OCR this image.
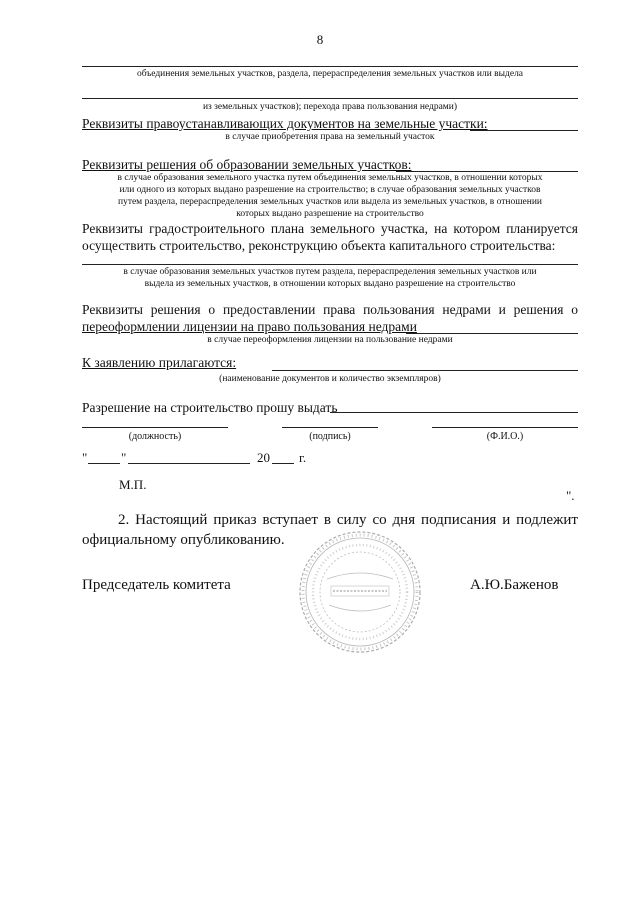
8
объединения земельных участков, раздела, перераспределения земельных участков или выдела
из земельных участков); перехода права пользования недрами)
Реквизиты правоустанавливающих документов на земельные участки:
в случае приобретения права на земельный участок
Реквизиты решения об образовании земельных участков:
в случае образования земельного участка путем объединения земельных участков, в отношении которых
или одного из которых выдано разрешение на строительство; в случае образования земельных участков
путем раздела, перераспределения земельных участков или выдела из земельных участков, в отношении
которых выдано разрешение на строительство
Реквизиты градостроительного плана земельного участка, на котором планируется
осуществить строительство, реконструкцию объекта капитального строительства:
в случае образования земельных участков путем раздела, перераспределения земельных участков или
выдела из земельных участков, в отношении которых выдано разрешение на строительство
Реквизиты решения о предоставлении права пользования недрами и решения о
переоформлении лицензии на право пользования недрами
в случае переоформления лицензии на пользование недрами
К заявлению прилагаются:
(наименование документов и количество экземпляров)
Разрешение на строительство прошу выдать
(должность)	(подпись)	(Ф.И.О.)
"	"	20 г.
М.П.
".
2. Настоящий приказ вступает в силу со дня подписания и подлежит
официальному опубликованию.
Председатель комитета	А.Ю.Баженов
